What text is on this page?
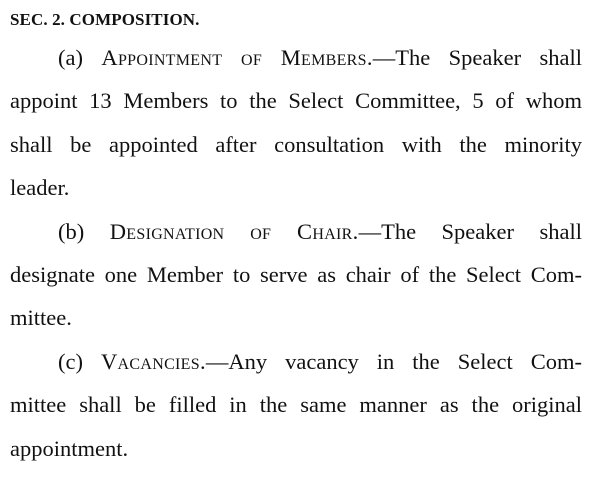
SEC. 2. COMPOSITION.
(a) Appointment of Members.—The Speaker shall
appoint 13 Members to the Select Committee, 5 of whom
shall be appointed after consultation with the minority
leader.
(b) Designation of Chair.—The Speaker shall
designate one Member to serve as chair of the Select Com-
mittee.
(c) Vacancies.—Any vacancy in the Select Com-
mittee shall be filled in the same manner as the original
appointment.
